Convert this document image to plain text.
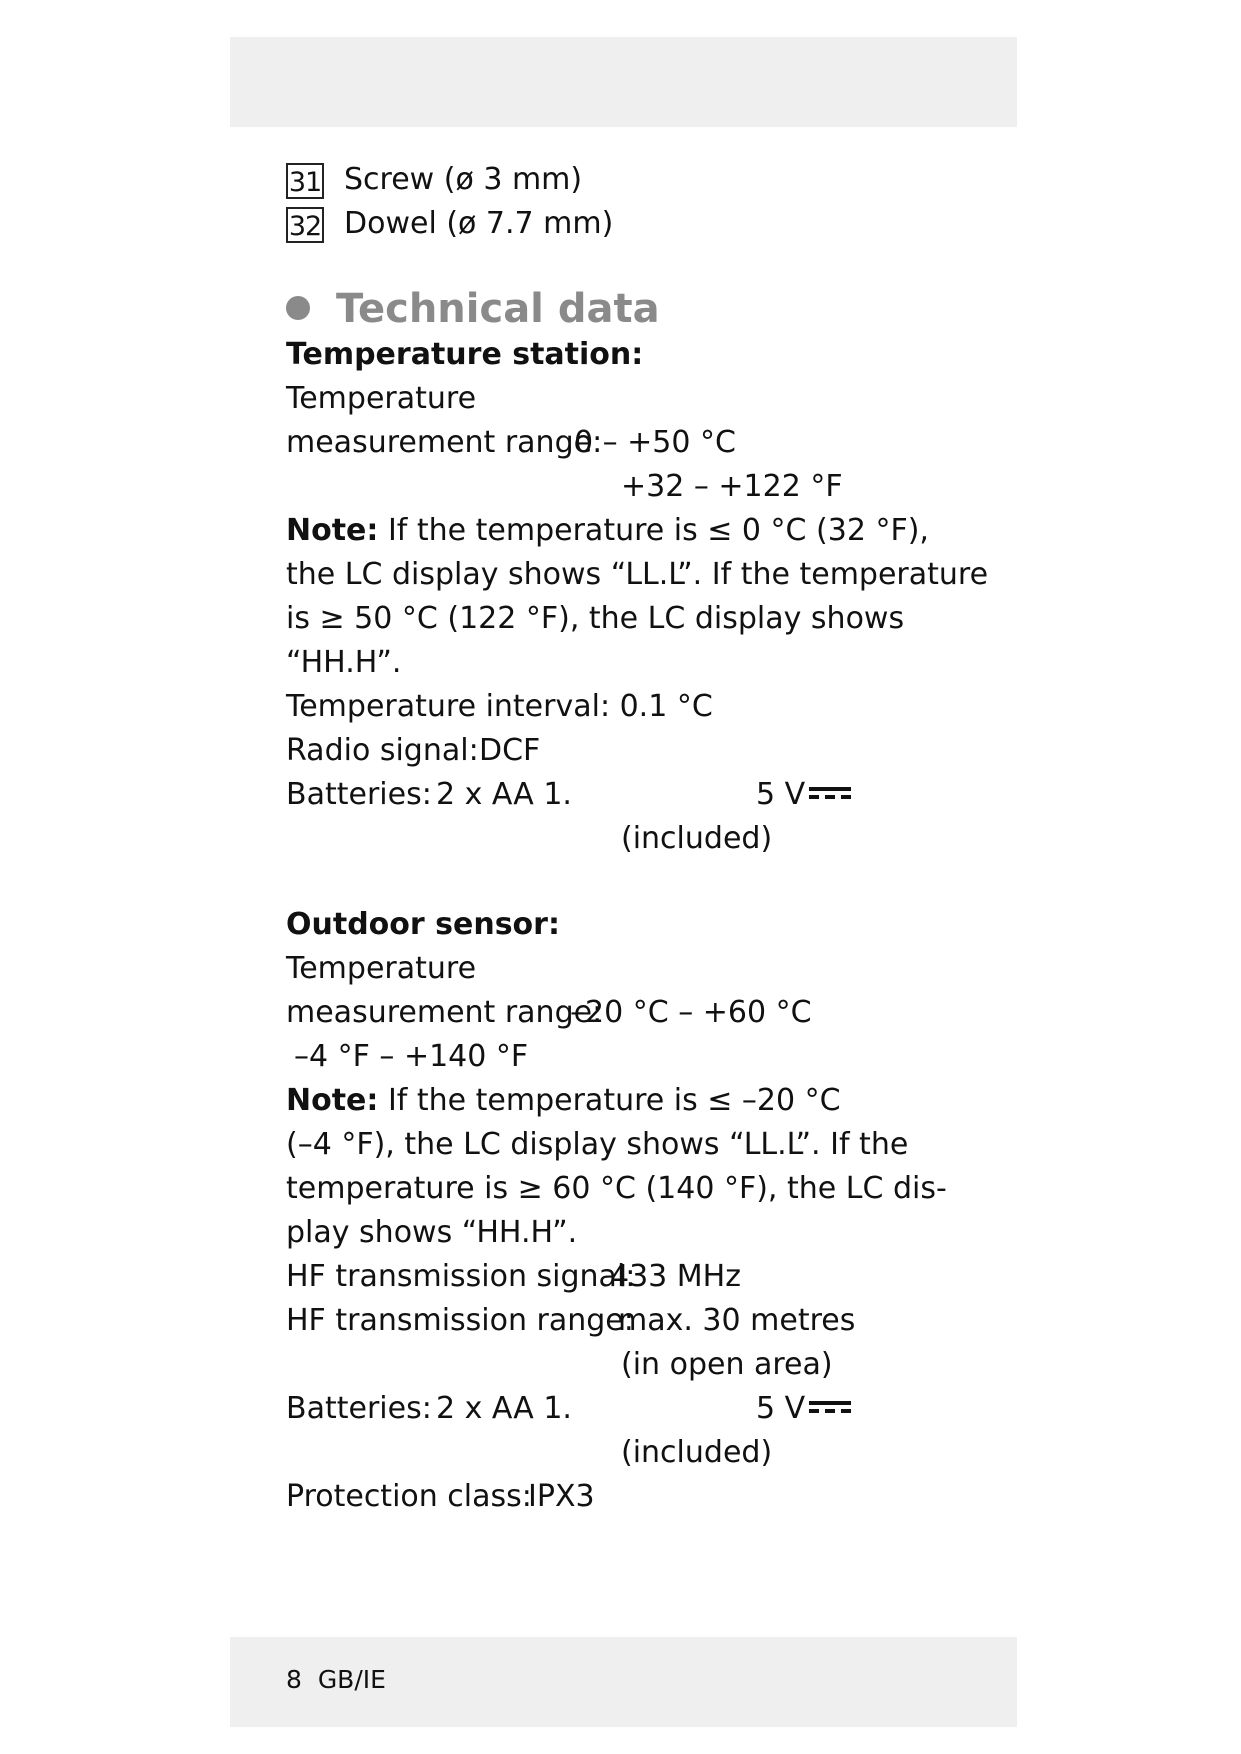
31 Screw (ø 3 mm)
32 Dowel (ø 7.7 mm)
Technical data
Temperature station:
Temperature
measurement range:
0 – +50 °C
+32 – +122 °F
Note: If the temperature is ≤ 0 °C (32 °F),
the LC display shows “LL.L”. If the temperature
is ≥ 50 °C (122 °F), the LC display shows
“HH.H”.
Temperature interval: 0.1 °C
Radio signal: DCF
Batteries: 2 x AA 1.	5 V
(included)
Outdoor sensor:
Temperature
measurement range:
–20 °C – +60 °C
–4 °F – +140 °F
Note: If the temperature is ≤ –20 °C
(–4 °F), the LC display shows “LL.L”. If the
temperature is ≥ 60 °C (140 °F), the LC dis-
play shows “HH.H”.
HF transmission signal:
433 MHz
HF transmission range:
max. 30 metres
(in open area)
Batteries: 2 x AA 1.	5 V
(included)
Protection class:
IPX3
8 GB/IE
